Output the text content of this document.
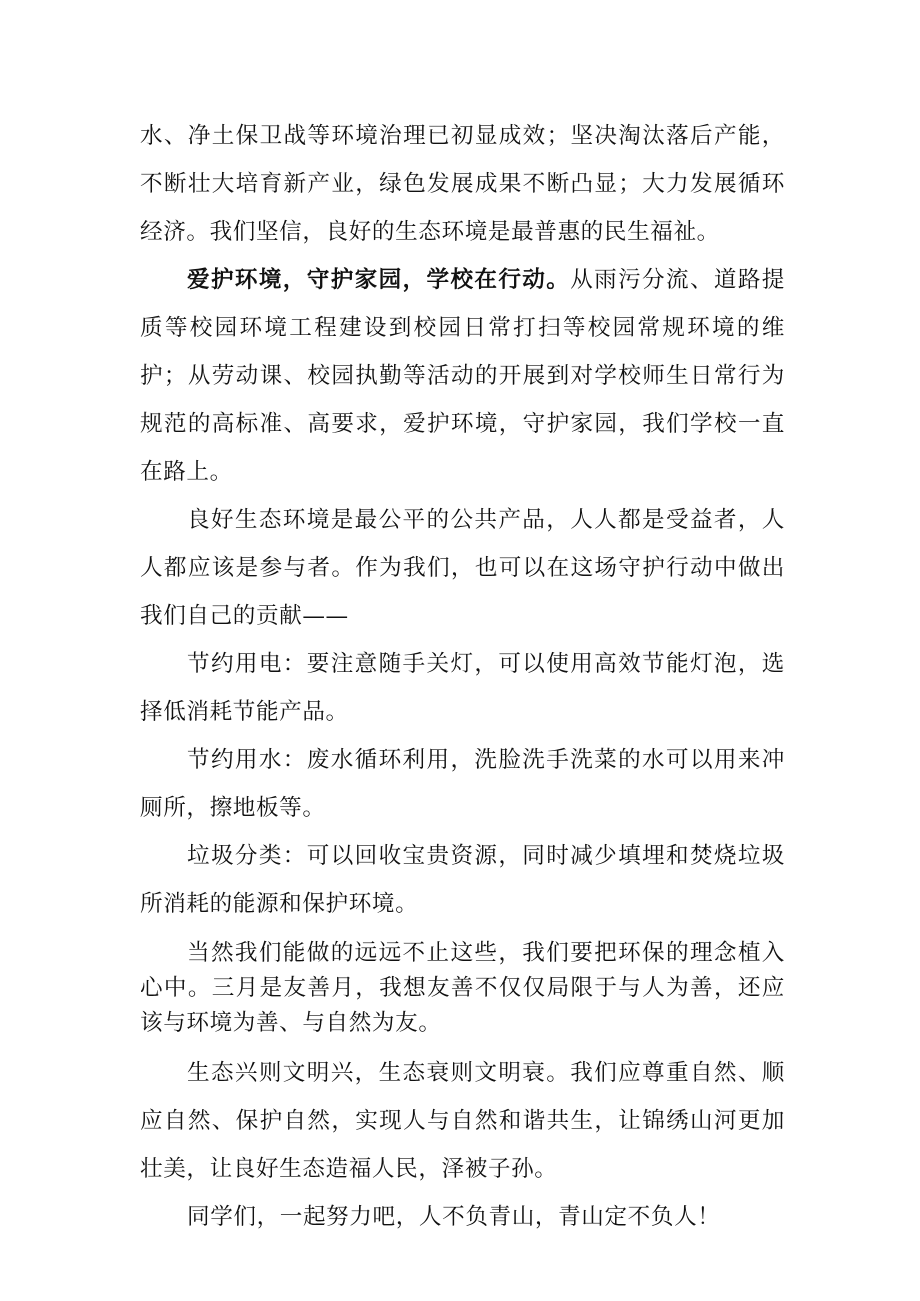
水、净土保卫战等环境治理已初显成效；坚决淘汰落后产能，不断壮大培育新产业，绿色发展成果不断凸显；大力发展循环经济。我们坚信，良好的生态环境是最普惠的民生福祉。

爱护环境，守护家园，学校在行动。从雨污分流、道路提质等校园环境工程建设到校园日常打扫等校园常规环境的维护；从劳动课、校园执勤等活动的开展到对学校师生日常行为规范的高标准、高要求，爱护环境，守护家园，我们学校一直在路上。

良好生态环境是最公平的公共产品，人人都是受益者，人人都应该是参与者。作为我们，也可以在这场守护行动中做出我们自己的贡献——

节约用电：要注意随手关灯，可以使用高效节能灯泡，选择低消耗节能产品。

节约用水：废水循环利用，洗脸洗手洗菜的水可以用来冲厕所，擦地板等。

垃圾分类：可以回收宝贵资源，同时减少填埋和焚烧垃圾所消耗的能源和保护环境。

当然我们能做的远远不止这些，我们要把环保的理念植入心中。三月是友善月，我想友善不仅仅局限于与人为善，还应该与环境为善、与自然为友。

生态兴则文明兴，生态衰则文明衰。我们应尊重自然、顺应自然、保护自然，实现人与自然和谐共生，让锦绣山河更加壮美，让良好生态造福人民，泽被子孙。

同学们，一起努力吧，人不负青山，青山定不负人！
